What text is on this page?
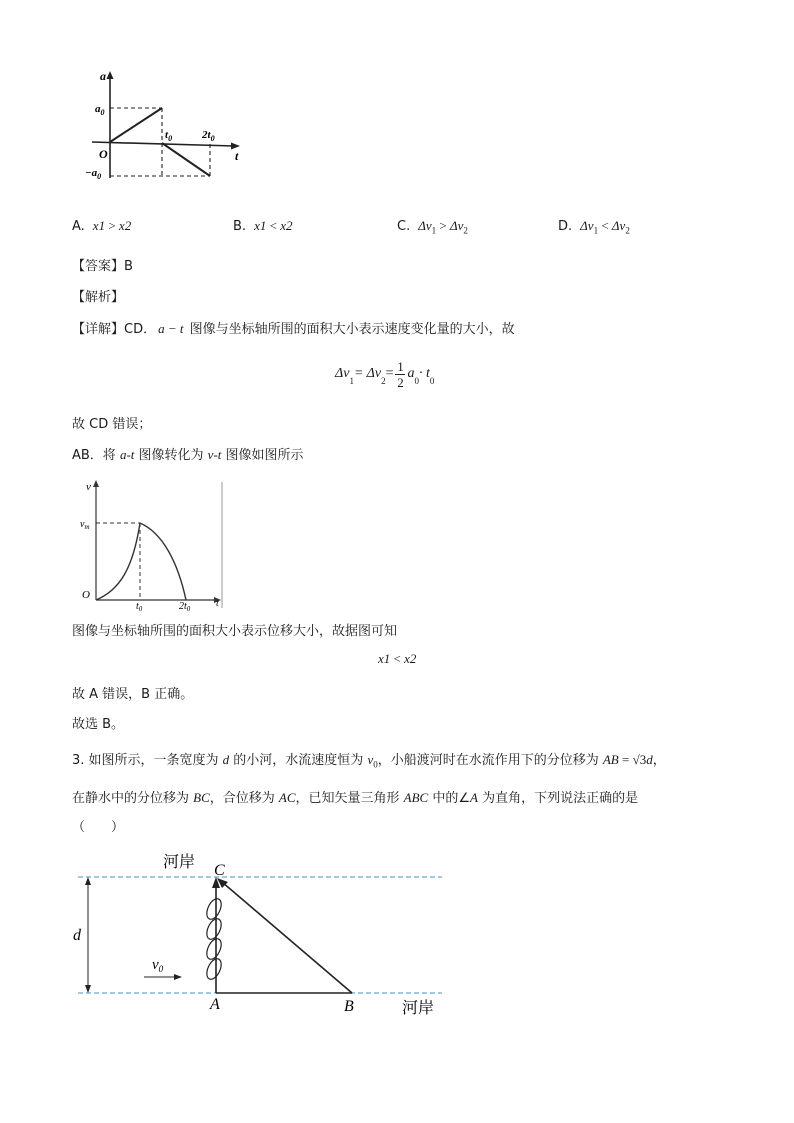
a
t
O
$a_0$
$-a_0$
$t_0$	$2t_0$
A. x1 > x2	B. x1 < x2	C. $\Delta v_1 > \Delta v_2$	D. $\Delta v_1 < \Delta v_2$
【答案】B
【解析】
【详解】CD． a − t 图像与坐标轴所围的面积大小表示速度变化量的大小，故
$\Delta v_1 = \Delta v_2 = 1$
2
$a_0 \cdot t_0$
故 CD 错误；
AB．将 a-t 图像转化为 v-t 图像如图所示
v
t
O
$v_m$
$t_0$	$2t_0$
图像与坐标轴所围的面积大小表示位移大小，故据图可知
x1 < x2
故 A 错误，B 正确。
故选 B。
3. 如图所示，一条宽度为 d 的小河，水流速度恒为 $v_0$，小船渡河时在水流作用下的分位移为 AB = √3d，
在静水中的分位移为 BC，合位移为 AC，已知矢量三角形 ABC 中的∠A 为直角，下列说法正确的是
（　　）
河岸
河岸
d
$v_0$
C
A	B
